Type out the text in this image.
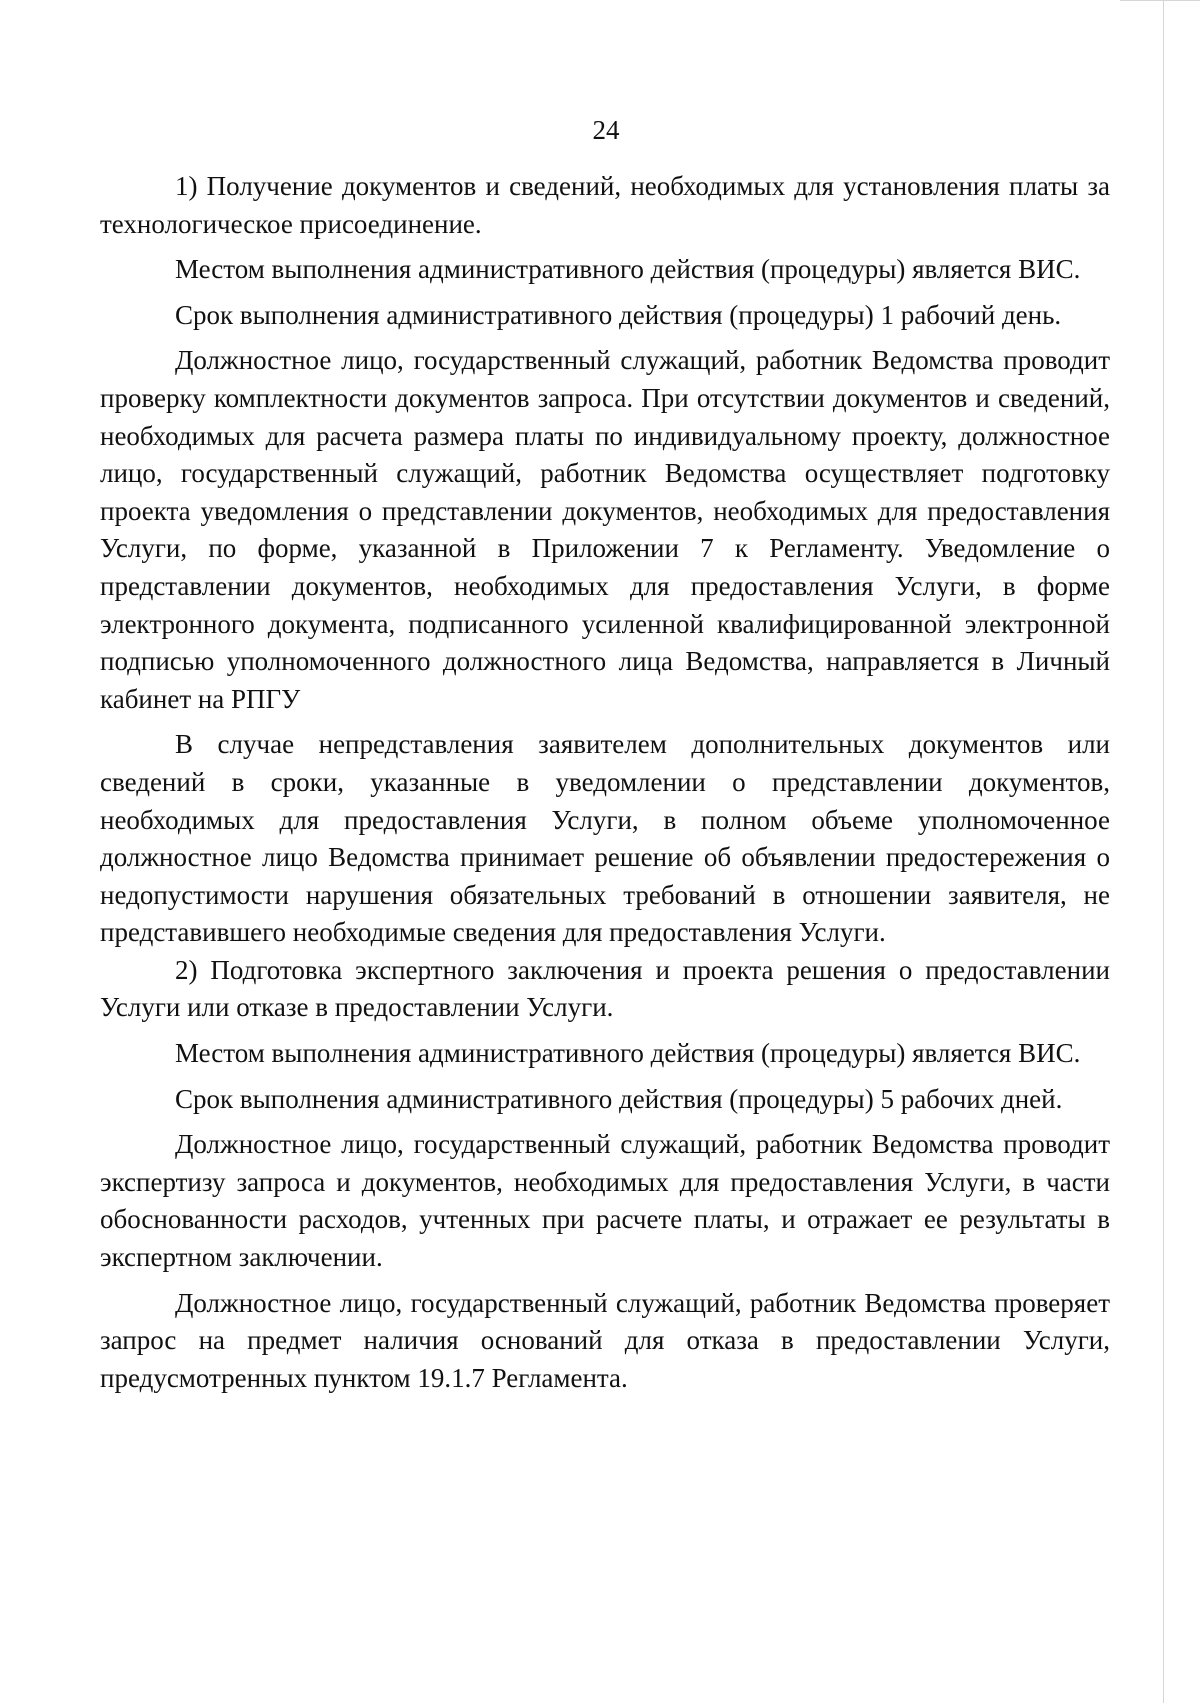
24

1) Получение документов и сведений, необходимых для установления платы за технологическое присоединение.

Местом выполнения административного действия (процедуры) является ВИС.

Срок выполнения административного действия (процедуры) 1 рабочий день.

Должностное лицо, государственный служащий, работник Ведомства проводит проверку комплектности документов запроса. При отсутствии документов и сведений, необходимых для расчета размера платы по индивидуальному проекту, должностное лицо, государственный служащий, работник Ведомства осуществляет подготовку проекта уведомления о представлении документов, необходимых для предоставления Услуги, по форме, указанной в Приложении 7 к Регламенту. Уведомление о представлении документов, необходимых для предоставления Услуги, в форме электронного документа, подписанного усиленной квалифицированной электронной подписью уполномоченного должностного лица Ведомства, направляется в Личный кабинет на РПГУ

В случае непредставления заявителем дополнительных документов или сведений в сроки, указанные в уведомлении о представлении документов, необходимых для предоставления Услуги, в полном объеме уполномоченное должностное лицо Ведомства принимает решение об объявлении предостережения о недопустимости нарушения обязательных требований в отношении заявителя, не представившего необходимые сведения для предоставления Услуги.

2) Подготовка экспертного заключения и проекта решения о предоставлении Услуги или отказе в предоставлении Услуги.

Местом выполнения административного действия (процедуры) является ВИС.

Срок выполнения административного действия (процедуры) 5 рабочих дней.

Должностное лицо, государственный служащий, работник Ведомства проводит экспертизу запроса и документов, необходимых для предоставления Услуги, в части обоснованности расходов, учтенных при расчете платы, и отражает ее результаты в экспертном заключении.

Должностное лицо, государственный служащий, работник Ведомства проверяет запрос на предмет наличия оснований для отказа в предоставлении Услуги, предусмотренных пунктом 19.1.7 Регламента.
